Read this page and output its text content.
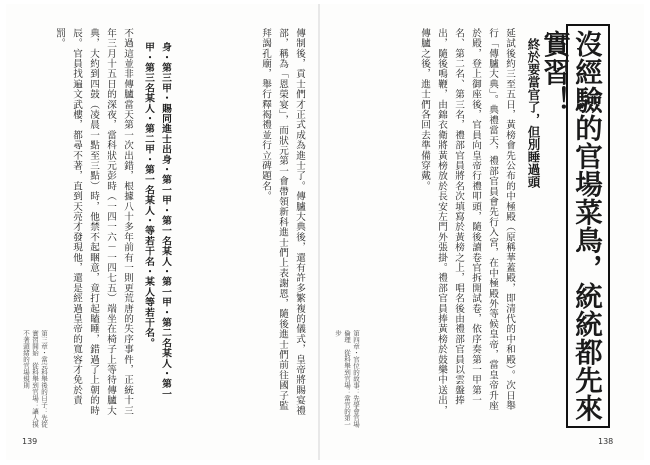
沒經驗的官場菜鳥，統統都先來實習！
終於要當官了，但別睡過頭
延試後約三至五日，黃榜會先公布的中極殿（原稱華蓋殿，即清代的中和殿）。次日舉行「傳臚大典」。典禮當天，禮部官員會先行入宮，在中極殿外等候皇帝，當皇帝升座於殿，登上御座後，官員向皇帝行禮叩頭，隨後讀卷官拆開試卷，依序奏第一甲第一名、第二名、第三名，禮部官員將名次填寫於黃榜之上，唱名後由禮部官員以雲盤捧出，隨後鳴鞭，由錦衣衛將黃榜放於長安左門外張掛。禮部官員捧黃榜於鼓樂中送出，傳臚之後，進士們各回去準備穿戴。
傳制後，貢士們才正式成為進士了。傳臚大典後，還有許多繁複的儀式，皇帝將賜宴禮部，稱為「恩榮宴」，而狀元第一會帶領新科進士們上表謝恩，隨後進士們前往國子監拜謁孔廟，舉行釋褐禮並行立碑題名。
身・第三甲・賜同進士出身・第一甲・第一名某人・第一甲・第二名某人・第一甲・第三名某人・第二甲・第一名某人・等若干名・某人等若干名。
不過這並非傳臚當天第一次出錯，根據八十多年前有一則更荒唐的失序事件，正統十三年三月十五日的深夜，當科狀元彭時（一四一六－一四七五）端坐在椅子上等待傳臚大典，大約到四鼓（凌晨一點至三點）時，他禁不起睏意，竟打起瞌睡，錯過了上朝的時辰。官員找遍文武樓，都尋不著，直到天亮才發現他，還是經過皇帝的寬容才免於責罰。
第三章・當完科舉後的日子：先從實習開始　從科舉到官場：讓人摸不著頭緒的官場規則	第四章・官位的故事：先學會官場倫理　從科舉到官場：當官的第一步
139	138
